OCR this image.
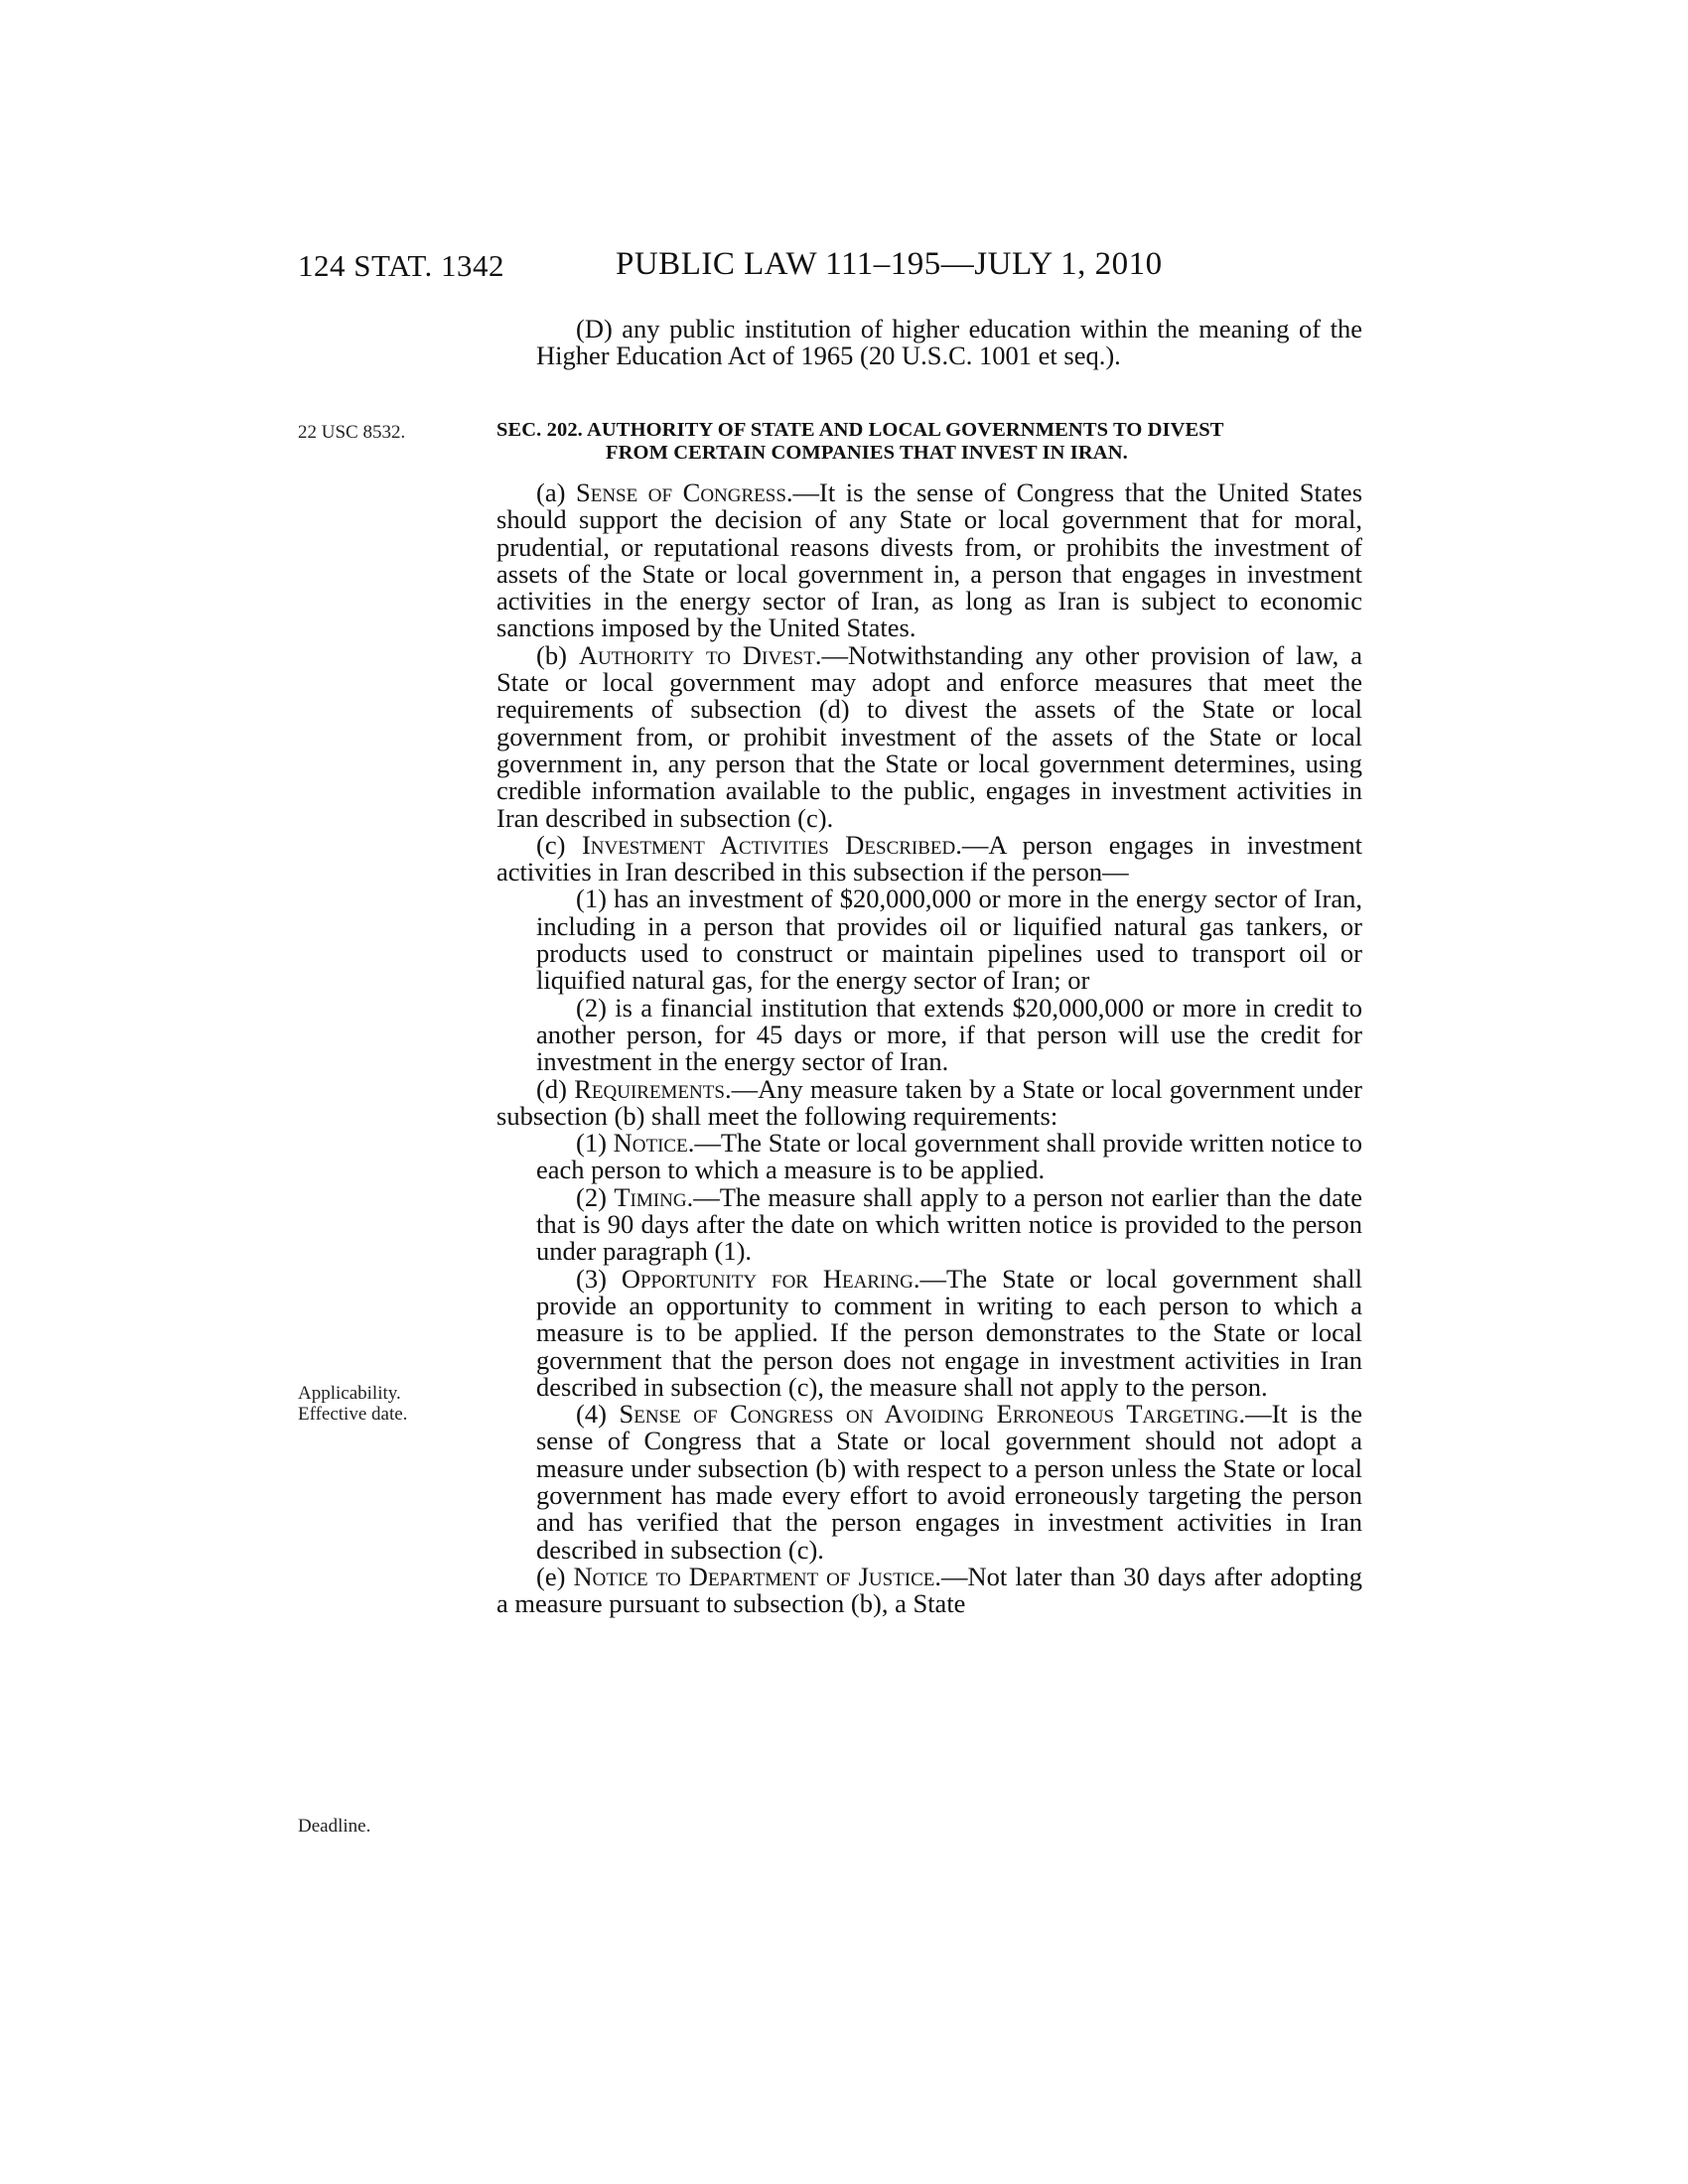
124 STAT. 1342	PUBLIC LAW 111–195—JULY 1, 2010

(D) any public institution of higher education within the meaning of the Higher Education Act of 1965 (20 U.S.C. 1001 et seq.).

22 USC 8532.	SEC. 202. AUTHORITY OF STATE AND LOCAL GOVERNMENTS TO DIVEST
FROM CERTAIN COMPANIES THAT INVEST IN IRAN.

(a) Sense of Congress.—It is the sense of Congress that the United States should support the decision of any State or local government that for moral, prudential, or reputational reasons divests from, or prohibits the investment of assets of the State or local government in, a person that engages in investment activities in the energy sector of Iran, as long as Iran is subject to economic sanctions imposed by the United States.

(b) Authority to Divest.—Notwithstanding any other provision of law, a State or local government may adopt and enforce measures that meet the requirements of subsection (d) to divest the assets of the State or local government from, or prohibit investment of the assets of the State or local government in, any person that the State or local government determines, using credible information available to the public, engages in investment activities in Iran described in subsection (c).

(c) Investment Activities Described.—A person engages in investment activities in Iran described in this subsection if the person—

(1) has an investment of $20,000,000 or more in the energy sector of Iran, including in a person that provides oil or liquified natural gas tankers, or products used to construct or maintain pipelines used to transport oil or liquified natural gas, for the energy sector of Iran; or

(2) is a financial institution that extends $20,000,000 or more in credit to another person, for 45 days or more, if that person will use the credit for investment in the energy sector of Iran.

(d) Requirements.—Any measure taken by a State or local government under subsection (b) shall meet the following requirements:

(1) Notice.—The State or local government shall provide written notice to each person to which a measure is to be applied.

(2) Timing.—The measure shall apply to a person not earlier than the date that is 90 days after the date on which written notice is provided to the person under paragraph (1).

(3) Opportunity for Hearing.—The State or local government shall provide an opportunity to comment in writing to each person to which a measure is to be applied. If the person demonstrates to the State or local government that the person does not engage in investment activities in Iran described in subsection (c), the measure shall not apply to the person.

(4) Sense of Congress on Avoiding Erroneous Targeting.—It is the sense of Congress that a State or local government should not adopt a measure under subsection (b) with respect to a person unless the State or local government has made every effort to avoid erroneously targeting the person and has verified that the person engages in investment activities in Iran described in subsection (c).

(e) Notice to Department of Justice.—Not later than 30 days after adopting a measure pursuant to subsection (b), a State

Applicability.
Effective date.
Deadline.
